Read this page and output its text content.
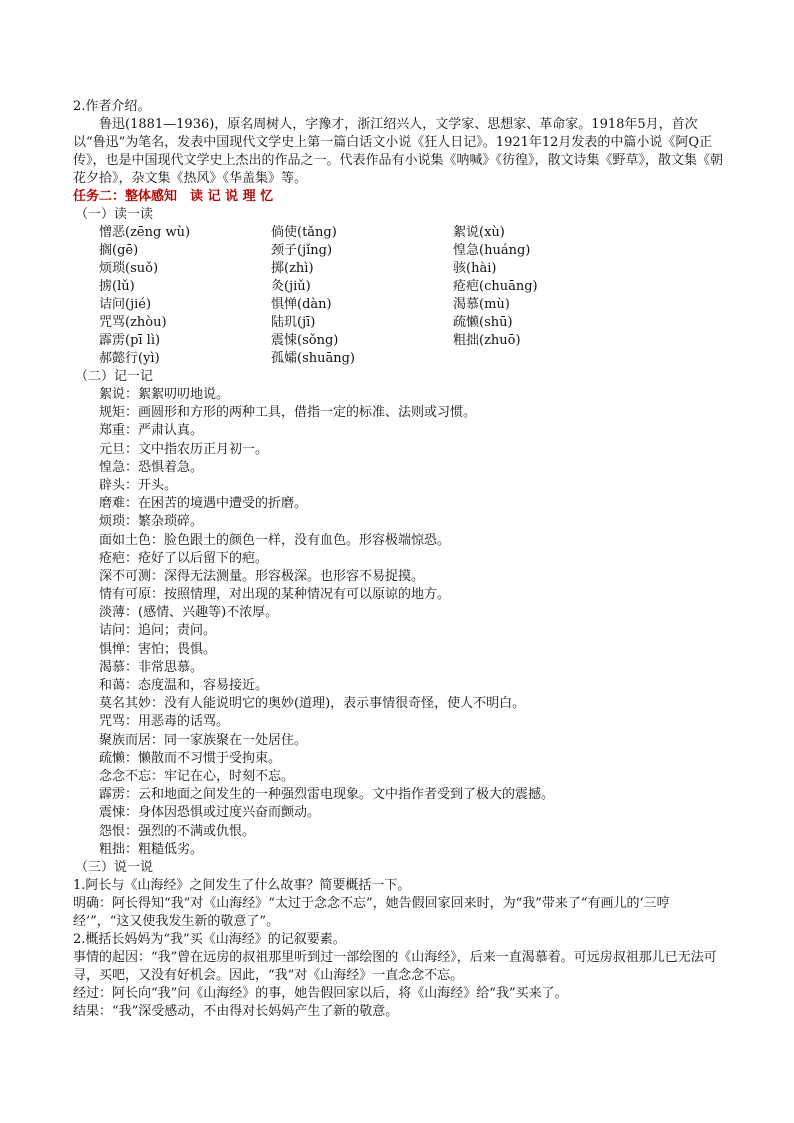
2.作者介绍。

鲁迅(1881—1936)，原名周树人，字豫才，浙江绍兴人，文学家、思想家、革命家。1918年5月，首次以“鲁迅”为笔名，发表中国现代文学史上第一篇白话文小说《狂人日记》。1921年12月发表的中篇小说《阿Q正传》，也是中国现代文学史上杰出的作品之一。代表作品有小说集《呐喊》《彷徨》，散文诗集《野草》，散文集《朝花夕拾》，杂文集《热风》《华盖集》等。

任务二：整体感知　读 记 说 理 忆

（一）读一读

憎恶(zēng wù)	倘使(tǎng)	絮说(xù)
搁(gē)	颈子(jǐng)	惶急(huáng)
烦琐(suǒ)	掷(zhì)	骇(hài)
掳(lǔ)	灸(jiǔ)	疮疤(chuāng)
诘问(jié)	惧惮(dàn)	渴慕(mù)
咒骂(zhòu)	陆玑(jī)	疏懒(shū)
霹雳(pī lì)	震悚(sǒng)	粗拙(zhuō)
郝懿行(yì)	孤孀(shuāng)

（二）记一记

絮说：絮絮叨叨地说。
规矩：画圆形和方形的两种工具，借指一定的标准、法则或习惯。
郑重：严肃认真。
元旦：文中指农历正月初一。
惶急：恐惧着急。
辟头：开头。
磨难：在困苦的境遇中遭受的折磨。
烦琐：繁杂琐碎。
面如土色：脸色跟土的颜色一样，没有血色。形容极端惊恐。
疮疤：疮好了以后留下的疤。
深不可测：深得无法测量。形容极深。也形容不易捉摸。
情有可原：按照情理，对出现的某种情况有可以原谅的地方。
淡薄：(感情、兴趣等)不浓厚。
诘问：追问；责问。
惧惮：害怕；畏惧。
渴慕：非常思慕。
和蔼：态度温和，容易接近。
莫名其妙：没有人能说明它的奥妙(道理)，表示事情很奇怪，使人不明白。
咒骂：用恶毒的话骂。
聚族而居：同一家族聚在一处居住。
疏懒：懒散而不习惯于受拘束。
念念不忘：牢记在心，时刻不忘。
霹雳：云和地面之间发生的一种强烈雷电现象。文中指作者受到了极大的震撼。
震悚：身体因恐惧或过度兴奋而颤动。
怨恨：强烈的不满或仇恨。
粗拙：粗糙低劣。

（三）说一说

1.阿长与《山海经》之间发生了什么故事？简要概括一下。

明确：阿长得知“我”对《山海经》“太过于念念不忘”，她告假回家回来时，为“我”带来了“有画儿的‘三哼经’”，“这又使我发生新的敬意了”。

2.概括长妈妈为“我”买《山海经》的记叙要素。

事情的起因：“我”曾在远房的叔祖那里听到过一部绘图的《山海经》，后来一直渴慕着。可远房叔祖那儿已无法可寻，买吧，又没有好机会。因此，“我”对《山海经》一直念念不忘。

经过：阿长向“我”问《山海经》的事，她告假回家以后，将《山海经》给“我”买来了。

结果：“我”深受感动，不由得对长妈妈产生了新的敬意。
